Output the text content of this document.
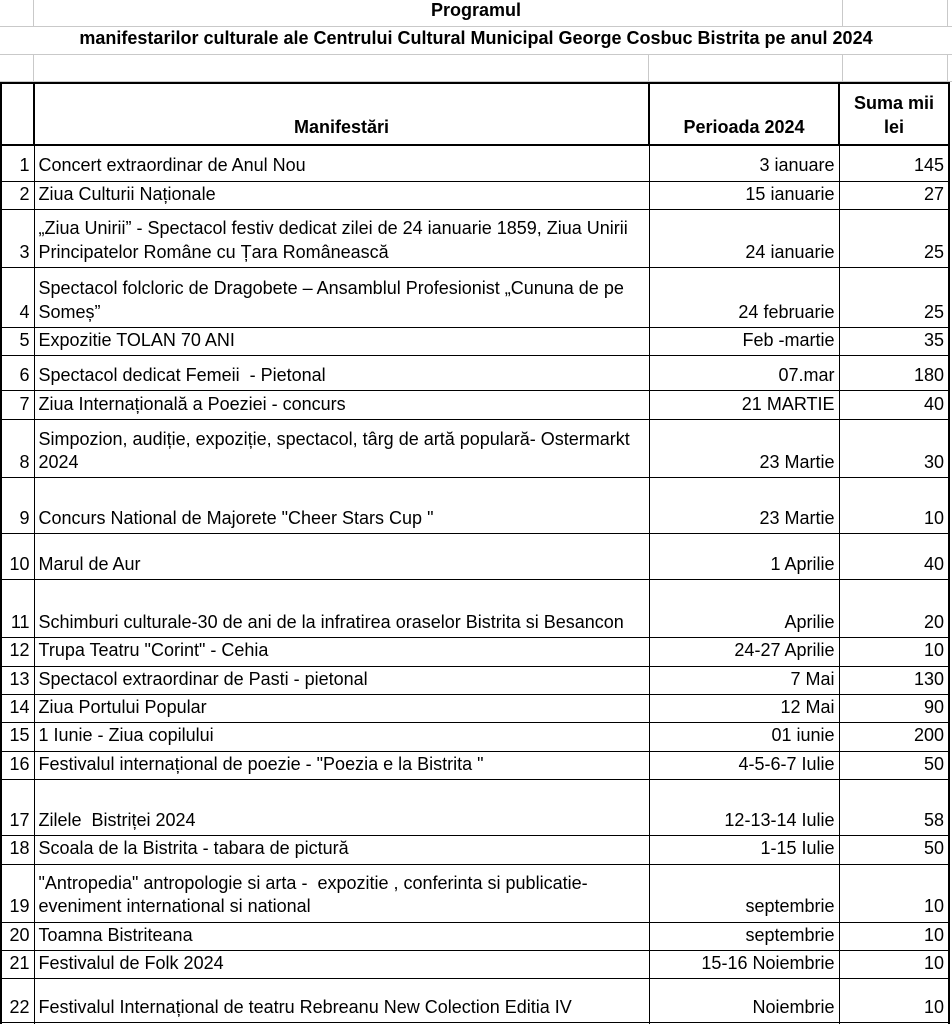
Programul
manifestarilor culturale ale Centrului Cultural Municipal George Cosbuc Bistrita pe anul 2024
	Manifestări	Perioada 2024	Suma mii lei

1	Concert extraordinar de Anul Nou	3 ianuare	145
2	Ziua Culturii Naționale	15 ianuarie	27
3	„Ziua Unirii” - Spectacol festiv dedicat zilei de 24 ianuarie 1859, Ziua Unirii Principatelor Române cu Țara Românească	24 ianuarie	25
4	Spectacol folcloric de Dragobete – Ansamblul Profesionist „Cununa de pe Someș”	24 februarie	25
5	Expozitie TOLAN 70 ANI	Feb -martie	35
6	Spectacol dedicat Femeii  - Pietonal	07.mar	180
7	Ziua Internațională a Poeziei - concurs	21 MARTIE	40
8	Simpozion, audiție, expoziție, spectacol, târg de artă populară- Ostermarkt 2024	23 Martie	30
9	Concurs National de Majorete "Cheer Stars Cup "	23 Martie	10
10	Marul de Aur	1 Aprilie	40
11	Schimburi culturale-30 de ani de la infratirea oraselor Bistrita si Besancon	Aprilie	20
12	Trupa Teatru "Corint" - Cehia	24-27 Aprilie	10
13	Spectacol extraordinar de Pasti - pietonal	7 Mai	130
14	Ziua Portului Popular	12 Mai	90
15	1 Iunie - Ziua copilului	01 iunie	200
16	Festivalul internațional de poezie - "Poezia e la Bistrita "	4-5-6-7 Iulie	50
17	Zilele  Bistriței 2024	12-13-14 Iulie	58
18	Scoala de la Bistrita - tabara de pictură	1-15 Iulie	50
19	"Antropedia" antropologie si arta -  expozitie , conferinta si publicatie- eveniment international si national	septembrie	10
20	Toamna Bistriteana	septembrie	10
21	Festivalul de Folk 2024	15-16 Noiembrie	10
22	Festivalul Internațional de teatru Rebreanu New Colection Editia IV	Noiembrie	10
